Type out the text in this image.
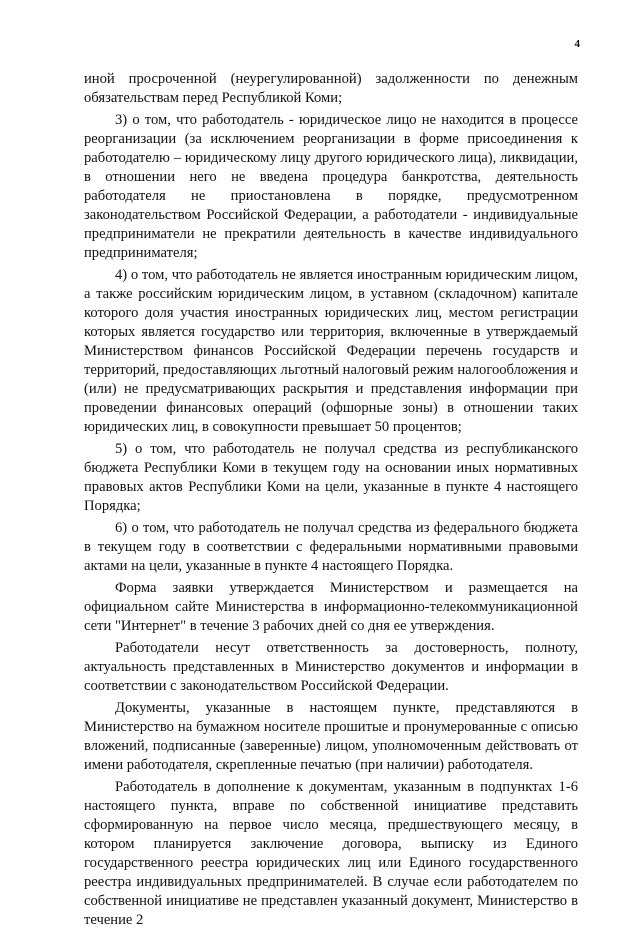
4

иной просроченной (неурегулированной) задолженности по денежным обязательствам перед Республикой Коми;

3) о том, что работодатель - юридическое лицо не находится в процессе реорганизации (за исключением реорганизации в форме присоединения к работодателю – юридическому лицу другого юридического лица), ликвидации, в отношении него не введена процедура банкротства, деятельность работодателя не приостановлена в порядке, предусмотренном законодательством Российской Федерации, а работодатели - индивидуальные предприниматели не прекратили деятельность в качестве индивидуального предпринимателя;

4) о том, что работодатель не является иностранным юридическим лицом, а также российским юридическим лицом, в уставном (складочном) капитале которого доля участия иностранных юридических лиц, местом регистрации которых является государство или территория, включенные в утверждаемый Министерством финансов Российской Федерации перечень государств и территорий, предоставляющих льготный налоговый режим налогообложения и (или) не предусматривающих раскрытия и представления информации при проведении финансовых операций (офшорные зоны) в отношении таких юридических лиц, в совокупности превышает 50 процентов;

5) о том, что работодатель не получал средства из республиканского бюджета Республики Коми в текущем году на основании иных нормативных правовых актов Республики Коми на цели, указанные в пункте 4 настоящего Порядка;

6) о том, что работодатель не получал средства из федерального бюджета в текущем году в соответствии с федеральными нормативными правовыми актами на цели, указанные в пункте 4 настоящего Порядка.

Форма заявки утверждается Министерством и размещается на официальном сайте Министерства в информационно-телекоммуникационной сети "Интернет" в течение 3 рабочих дней со дня ее утверждения.

Работодатели несут ответственность за достоверность, полноту, актуальность представленных в Министерство документов и информации в соответствии с законодательством Российской Федерации.

Документы, указанные в настоящем пункте, представляются в Министерство на бумажном носителе прошитые и пронумерованные с описью вложений, подписанные (заверенные) лицом, уполномоченным действовать от имени работодателя, скрепленные печатью (при наличии) работодателя.

Работодатель в дополнение к документам, указанным в подпунктах 1-6 настоящего пункта, вправе по собственной инициативе представить сформированную на первое число месяца, предшествующего месяцу, в котором планируется заключение договора, выписку из Единого государственного реестра юридических лиц или Единого государственного реестра индивидуальных предпринимателей. В случае если работодателем по собственной инициативе не представлен указанный документ, Министерство в течение 2
